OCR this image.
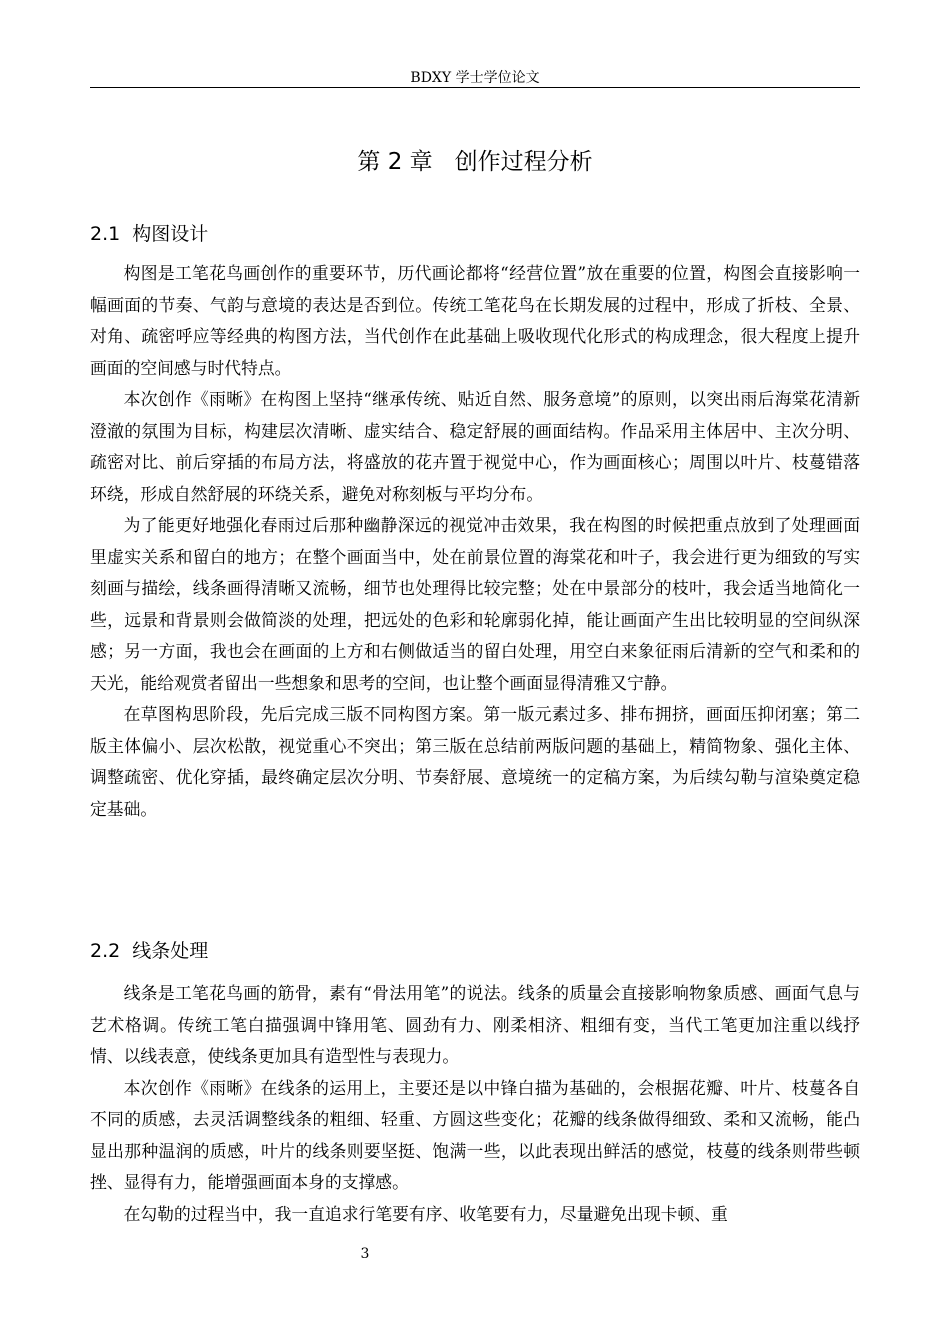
BDXY 学士学位论文
第 2 章   创作过程分析
2.1  构图设计

构图是工笔花鸟画创作的重要环节，历代画论都将“经营位置”放在重要的位置，构图会直接影响一幅画面的节奏、气韵与意境的表达是否到位。传统工笔花鸟在长期发展的过程中，形成了折枝、全景、对角、疏密呼应等经典的构图方法，当代创作在此基础上吸收现代化形式的构成理念，很大程度上提升画面的空间感与时代特点。

本次创作《雨晰》在构图上坚持“继承传统、贴近自然、服务意境”的原则，以突出雨后海棠花清新澄澈的氛围为目标，构建层次清晰、虚实结合、稳定舒展的画面结构。作品采用主体居中、主次分明、疏密对比、前后穿插的布局方法，将盛放的花卉置于视觉中心，作为画面核心；周围以叶片、枝蔓错落环绕，形成自然舒展的环绕关系，避免对称刻板与平均分布。

为了能更好地强化春雨过后那种幽静深远的视觉冲击效果，我在构图的时候把重点放到了处理画面里虚实关系和留白的地方；在整个画面当中，处在前景位置的海棠花和叶子，我会进行更为细致的写实刻画与描绘，线条画得清晰又流畅，细节也处理得比较完整；处在中景部分的枝叶，我会适当地简化一些，远景和背景则会做简淡的处理，把远处的色彩和轮廓弱化掉，能让画面产生出比较明显的空间纵深感；另一方面，我也会在画面的上方和右侧做适当的留白处理，用空白来象征雨后清新的空气和柔和的天光，能给观赏者留出一些想象和思考的空间，也让整个画面显得清雅又宁静。

在草图构思阶段，先后完成三版不同构图方案。第一版元素过多、排布拥挤，画面压抑闭塞；第二版主体偏小、层次松散，视觉重心不突出；第三版在总结前两版问题的基础上，精简物象、强化主体、调整疏密、优化穿插，最终确定层次分明、节奏舒展、意境统一的定稿方案，为后续勾勒与渲染奠定稳定基础。

2.2  线条处理

线条是工笔花鸟画的筋骨，素有“骨法用笔”的说法。线条的质量会直接影响物象质感、画面气息与艺术格调。传统工笔白描强调中锋用笔、圆劲有力、刚柔相济、粗细有变，当代工笔更加注重以线抒情、以线表意，使线条更加具有造型性与表现力。

本次创作《雨晰》在线条的运用上，主要还是以中锋白描为基础的，会根据花瓣、叶片、枝蔓各自不同的质感，去灵活调整线条的粗细、轻重、方圆这些变化；花瓣的线条做得细致、柔和又流畅，能凸显出那种温润的质感，叶片的线条则要坚挺、饱满一些，以此表现出鲜活的感觉，枝蔓的线条则带些顿挫、显得有力，能增强画面本身的支撑感。

在勾勒的过程当中，我一直追求行笔要有序、收笔要有力，尽量避免出现卡顿、重

3
